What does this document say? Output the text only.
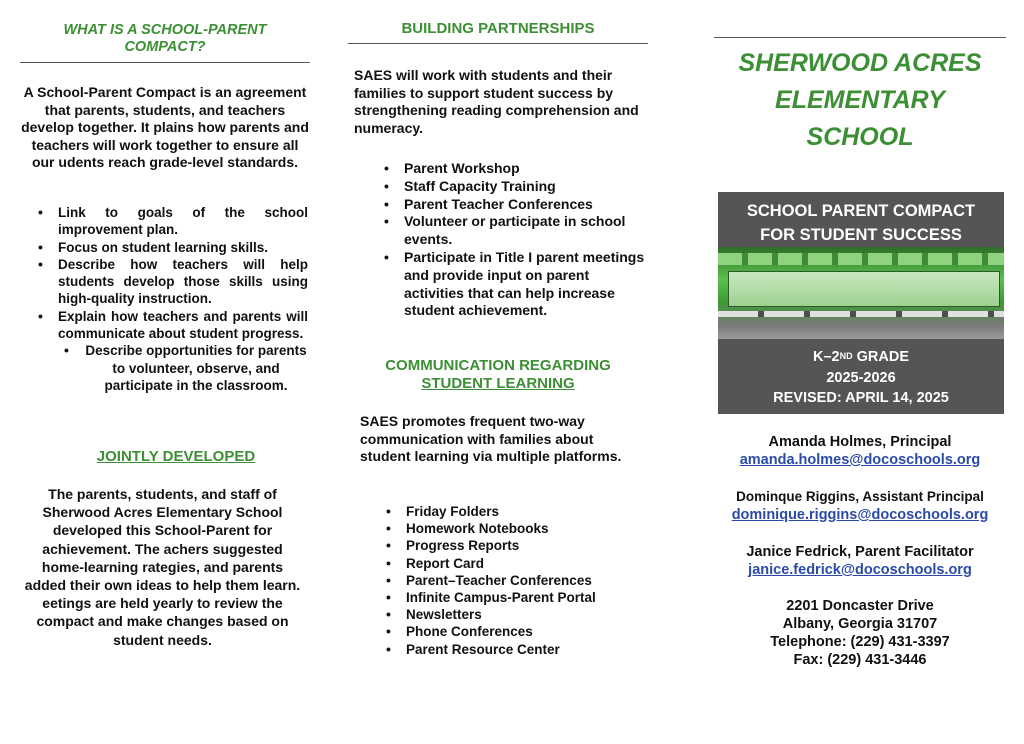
WHAT IS A SCHOOL-PARENT
COMPACT?
A School-Parent Compact is an agreement that parents, students, and teachers develop together. It plains how parents and teachers will work together to ensure all our udents reach grade-level standards.
• Link to goals of the school improvement plan.
• Focus on student learning skills.
• Describe how teachers will help students develop those skills using high-quality instruction.
• Explain how teachers and parents will communicate about student progress.
• Describe opportunities for parents to volunteer, observe, and participate in the classroom.
JOINTLY DEVELOPED
The parents, students, and staff of Sherwood Acres Elementary School developed this School-Parent for achievement. The achers suggested home-learning rategies, and parents added their own ideas to help them learn. eetings are held yearly to review the compact and make changes based on student needs.
BUILDING PARTNERSHIPS
SAES will work with students and their families to support student success by strengthening reading comprehension and numeracy.
• Parent Workshop
• Staff Capacity Training
• Parent Teacher Conferences
• Volunteer or participate in school events.
• Participate in Title I parent meetings and provide input on parent activities that can help increase student achievement.
COMMUNICATION REGARDING
STUDENT LEARNING
SAES promotes frequent two-way communication with families about student learning via multiple platforms.
• Friday Folders
• Homework Notebooks
• Progress Reports
• Report Card
• Parent–Teacher Conferences
• Infinite Campus-Parent Portal
• Newsletters
• Phone Conferences
• Parent Resource Center
SHERWOOD ACRES
ELEMENTARY
SCHOOL
SCHOOL PARENT COMPACT
FOR STUDENT SUCCESS
K–2ND GRADE
2025-2026
REVISED: APRIL 14, 2025
Amanda Holmes, Principal
amanda.holmes@docoschools.org
Dominque Riggins, Assistant Principal
dominique.riggins@docoschools.org
Janice Fedrick, Parent Facilitator
janice.fedrick@docoschools.org
2201 Doncaster Drive
Albany, Georgia 31707
Telephone: (229) 431-3397
Fax: (229) 431-3446
